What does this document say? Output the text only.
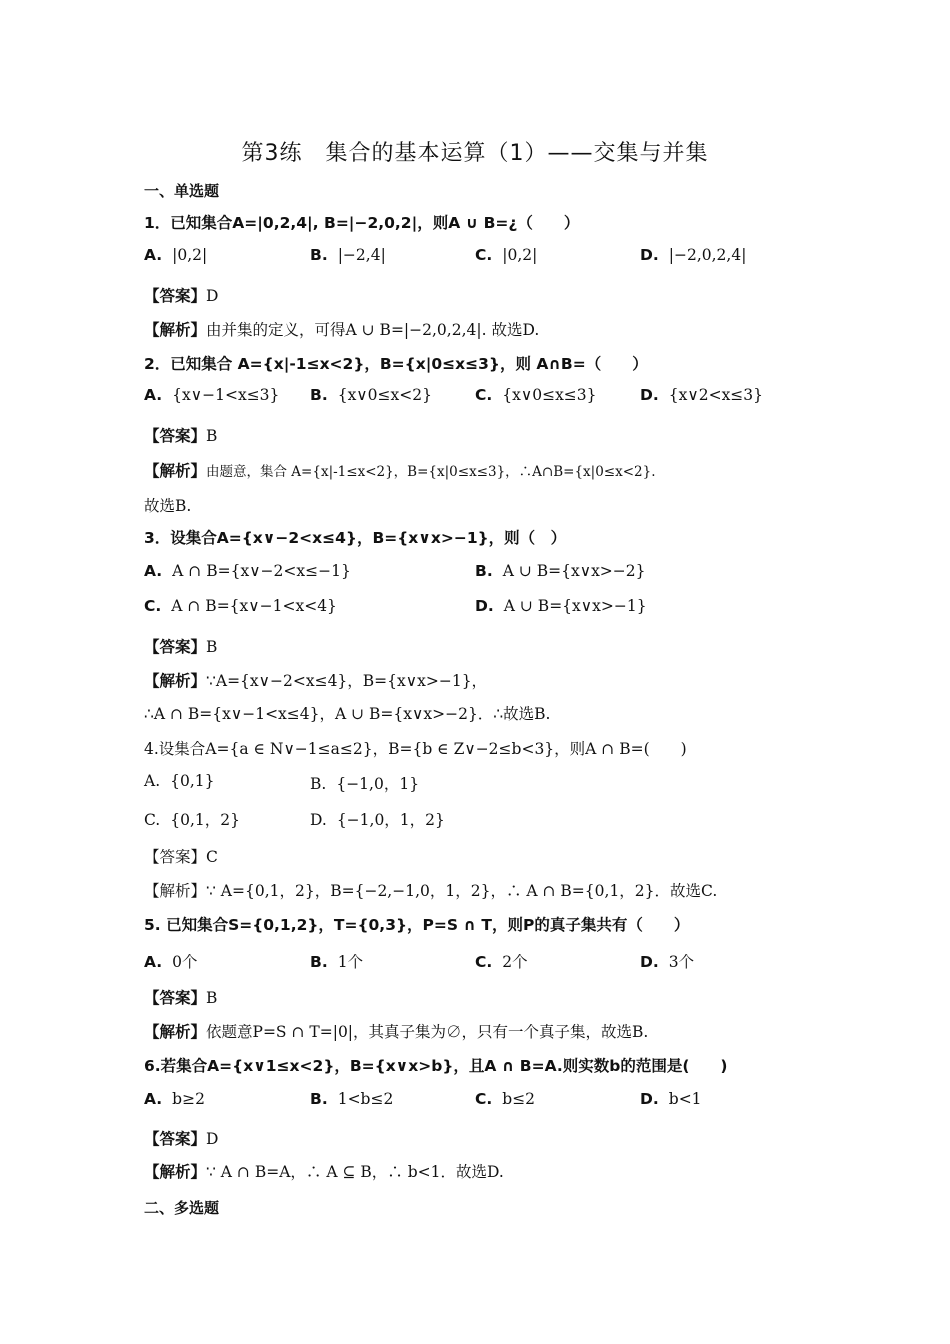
第3练　集合的基本运算（1）——交集与并集
一、单选题
1．已知集合A=|0,2,4|, B=|−2,0,2|，则A ∪ B=¿（　　）
A. |0,2|	B. |−2,4|	C. |0,2|	D. |−2,0,2,4|
【答案】D
【解析】由并集的定义，可得A ∪ B=|−2,0,2,4|. 故选D.
2．已知集合 A={x|-1≤x<2}，B={x|0≤x≤3}，则 A∩B=（　　）
A. {x∨−1<x≤3} B. {x∨0≤x<2}	C. {x∨0≤x≤3}	D. {x∨2<x≤3}
【答案】B
【解析】由题意，集合 A={x|-1≤x<2}，B={x|0≤x≤3}，∴A∩B={x|0≤x<2}.
故选B.
3．设集合A={x∨−2<x≤4}，B={x∨x>−1}，则（　）
A. A ∩ B={x∨−2<x≤−1}	B. A ∪ B={x∨x>−2}
C. A ∩ B={x∨−1<x<4}	D. A ∪ B={x∨x>−1}
【答案】B
【解析】∵A={x∨−2<x≤4}，B={x∨x>−1}，
∴A ∩ B={x∨−1<x≤4}，A ∪ B={x∨x>−2}．∴故选B.
4.设集合A={a ∈ N∨−1≤a≤2}，B={b ∈ Z∨−2≤b<3}，则A ∩ B=(　　)
A. {0,1}	B. {−1,0，1}
C. {0,1，2}	D. {−1,0，1，2}
【答案】C
【解析】∵ A={0,1，2}，B={−2,−1,0，1，2}，∴ A ∩ B={0,1，2}．故选C.
5. 已知集合S={0,1,2}，T={0,3}，P=S ∩ T，则P的真子集共有（　　）
A. 0个	B. 1个	C. 2个	D. 3个
【答案】B
【解析】依题意P=S ∩ T=|0|，其真子集为∅，只有一个真子集，故选B.
6.若集合A={x∨1≤x<2}，B={x∨x>b}，且A ∩ B=A.则实数b的范围是(　　)
A. b≥2	B. 1<b≤2	C. b≤2	D. b<1
【答案】D
【解析】∵ A ∩ B=A，∴ A ⊆ B，∴ b<1．故选D.
二、多选题
